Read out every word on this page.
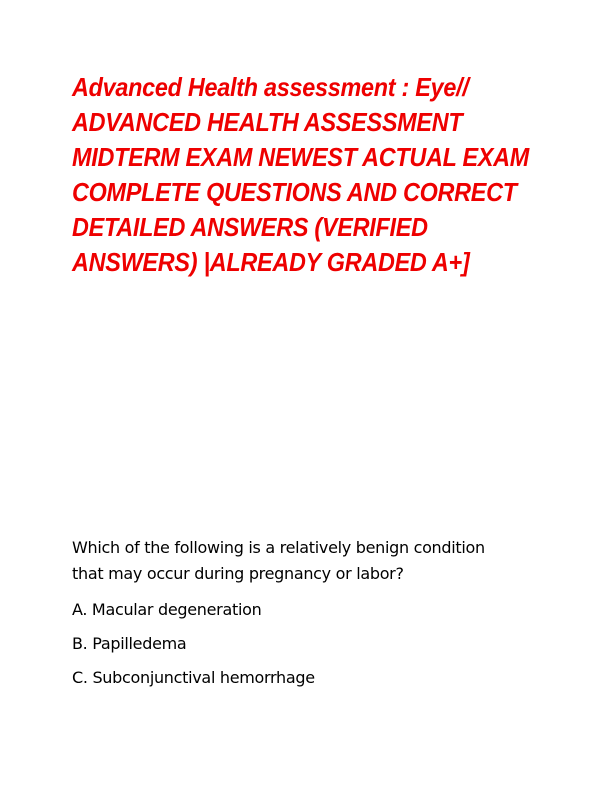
Advanced Health assessment : Eye//
ADVANCED HEALTH ASSESSMENT
MIDTERM EXAM NEWEST ACTUAL EXAM
COMPLETE QUESTIONS AND CORRECT
DETAILED ANSWERS (VERIFIED
ANSWERS) |ALREADY GRADED A+]

Which of the following is a relatively benign condition
that may occur during pregnancy or labor?

A. Macular degeneration
B. Papilledema
C. Subconjunctival hemorrhage
